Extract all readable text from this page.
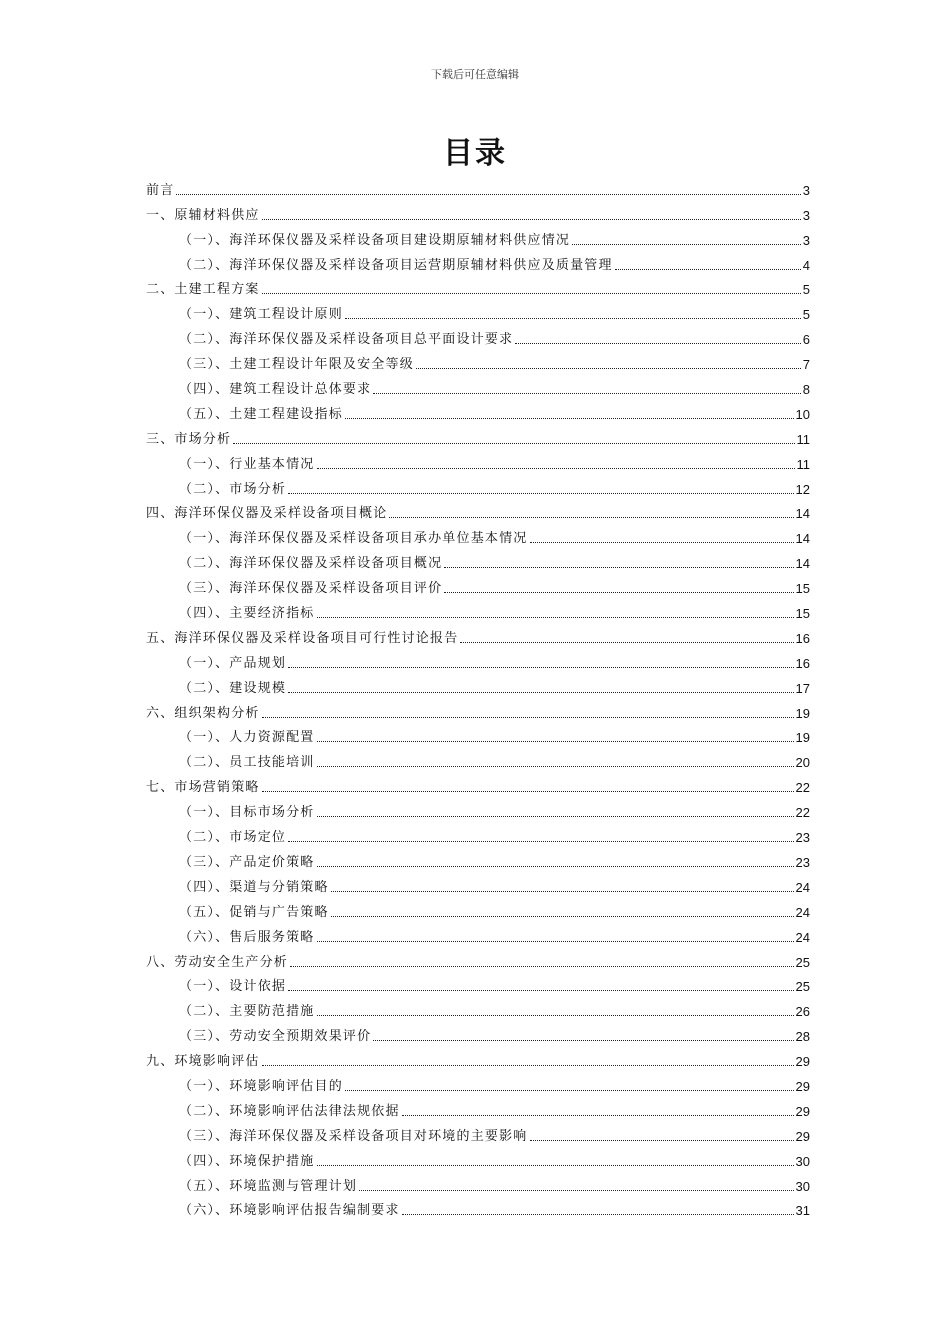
下载后可任意编辑
目录
前言	3
一、原辅材料供应	3
（一）、海洋环保仪器及采样设备项目建设期原辅材料供应情况	3
（二）、海洋环保仪器及采样设备项目运营期原辅材料供应及质量管理	4
二、土建工程方案	5
（一）、建筑工程设计原则	5
（二）、海洋环保仪器及采样设备项目总平面设计要求	6
（三）、土建工程设计年限及安全等级	7
（四）、建筑工程设计总体要求	8
（五）、土建工程建设指标	10
三、市场分析	11
（一）、行业基本情况	11
（二）、市场分析	12
四、海洋环保仪器及采样设备项目概论	14
（一）、海洋环保仪器及采样设备项目承办单位基本情况	14
（二）、海洋环保仪器及采样设备项目概况	14
（三）、海洋环保仪器及采样设备项目评价	15
（四）、主要经济指标	15
五、海洋环保仪器及采样设备项目可行性讨论报告	16
（一）、产品规划	16
（二）、建设规模	17
六、组织架构分析	19
（一）、人力资源配置	19
（二）、员工技能培训	20
七、市场营销策略	22
（一）、目标市场分析	22
（二）、市场定位	23
（三）、产品定价策略	23
（四）、渠道与分销策略	24
（五）、促销与广告策略	24
（六）、售后服务策略	24
八、劳动安全生产分析	25
（一）、设计依据	25
（二）、主要防范措施	26
（三）、劳动安全预期效果评价	28
九、环境影响评估	29
（一）、环境影响评估目的	29
（二）、环境影响评估法律法规依据	29
（三）、海洋环保仪器及采样设备项目对环境的主要影响	29
（四）、环境保护措施	30
（五）、环境监测与管理计划	30
（六）、环境影响评估报告编制要求	31
